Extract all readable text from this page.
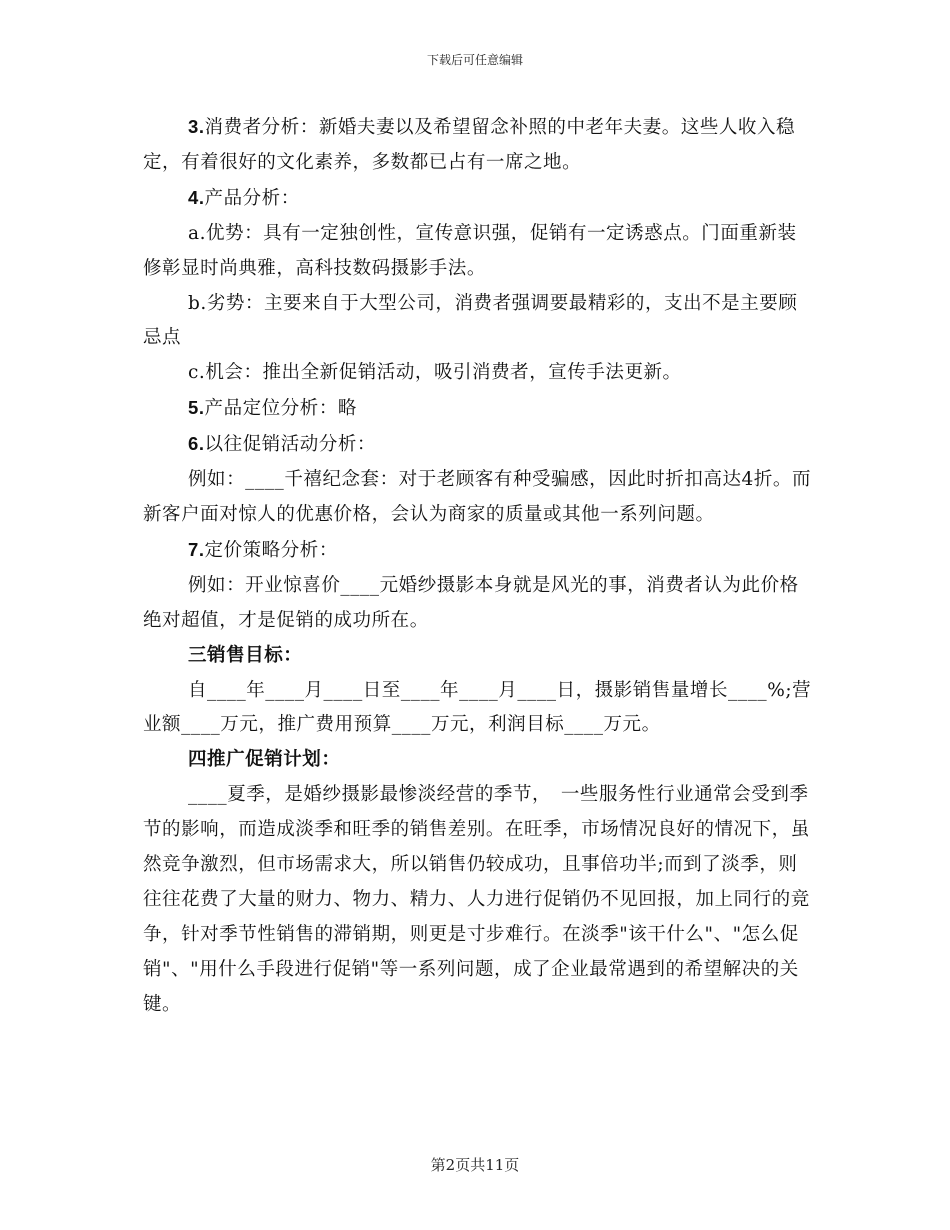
下载后可任意编辑

3.消费者分析：新婚夫妻以及希望留念补照的中老年夫妻。这些人收入稳定，有着很好的文化素养，多数都已占有一席之地。

4.产品分析：

a.优势：具有一定独创性，宣传意识强，促销有一定诱惑点。门面重新装修彰显时尚典雅，高科技数码摄影手法。

b.劣势：主要来自于大型公司，消费者强调要最精彩的，支出不是主要顾忌点

c.机会：推出全新促销活动，吸引消费者，宣传手法更新。

5.产品定位分析：略

6.以往促销活动分析：

例如：____千禧纪念套：对于老顾客有种受骗感，因此时折扣高达4折。而新客户面对惊人的优惠价格，会认为商家的质量或其他一系列问题。

7.定价策略分析：

例如：开业惊喜价____元婚纱摄影本身就是风光的事，消费者认为此价格绝对超值，才是促销的成功所在。

三销售目标：

自____年____月____日至____年____月____日，摄影销售量增长____%;营业额____万元，推广费用预算____万元，利润目标____万元。

四推广促销计划：

____夏季，是婚纱摄影最惨淡经营的季节，　一些服务性行业通常会受到季节的影响，而造成淡季和旺季的销售差别。在旺季，市场情况良好的情况下，虽然竞争激烈，但市场需求大，所以销售仍较成功，且事倍功半;而到了淡季，则往往花费了大量的财力、物力、精力、人力进行促销仍不见回报，加上同行的竞争，针对季节性销售的滞销期，则更是寸步难行。在淡季"该干什么"、"怎么促销"、"用什么手段进行促销"等一系列问题，成了企业最常遇到的希望解决的关键。

第2页共11页
